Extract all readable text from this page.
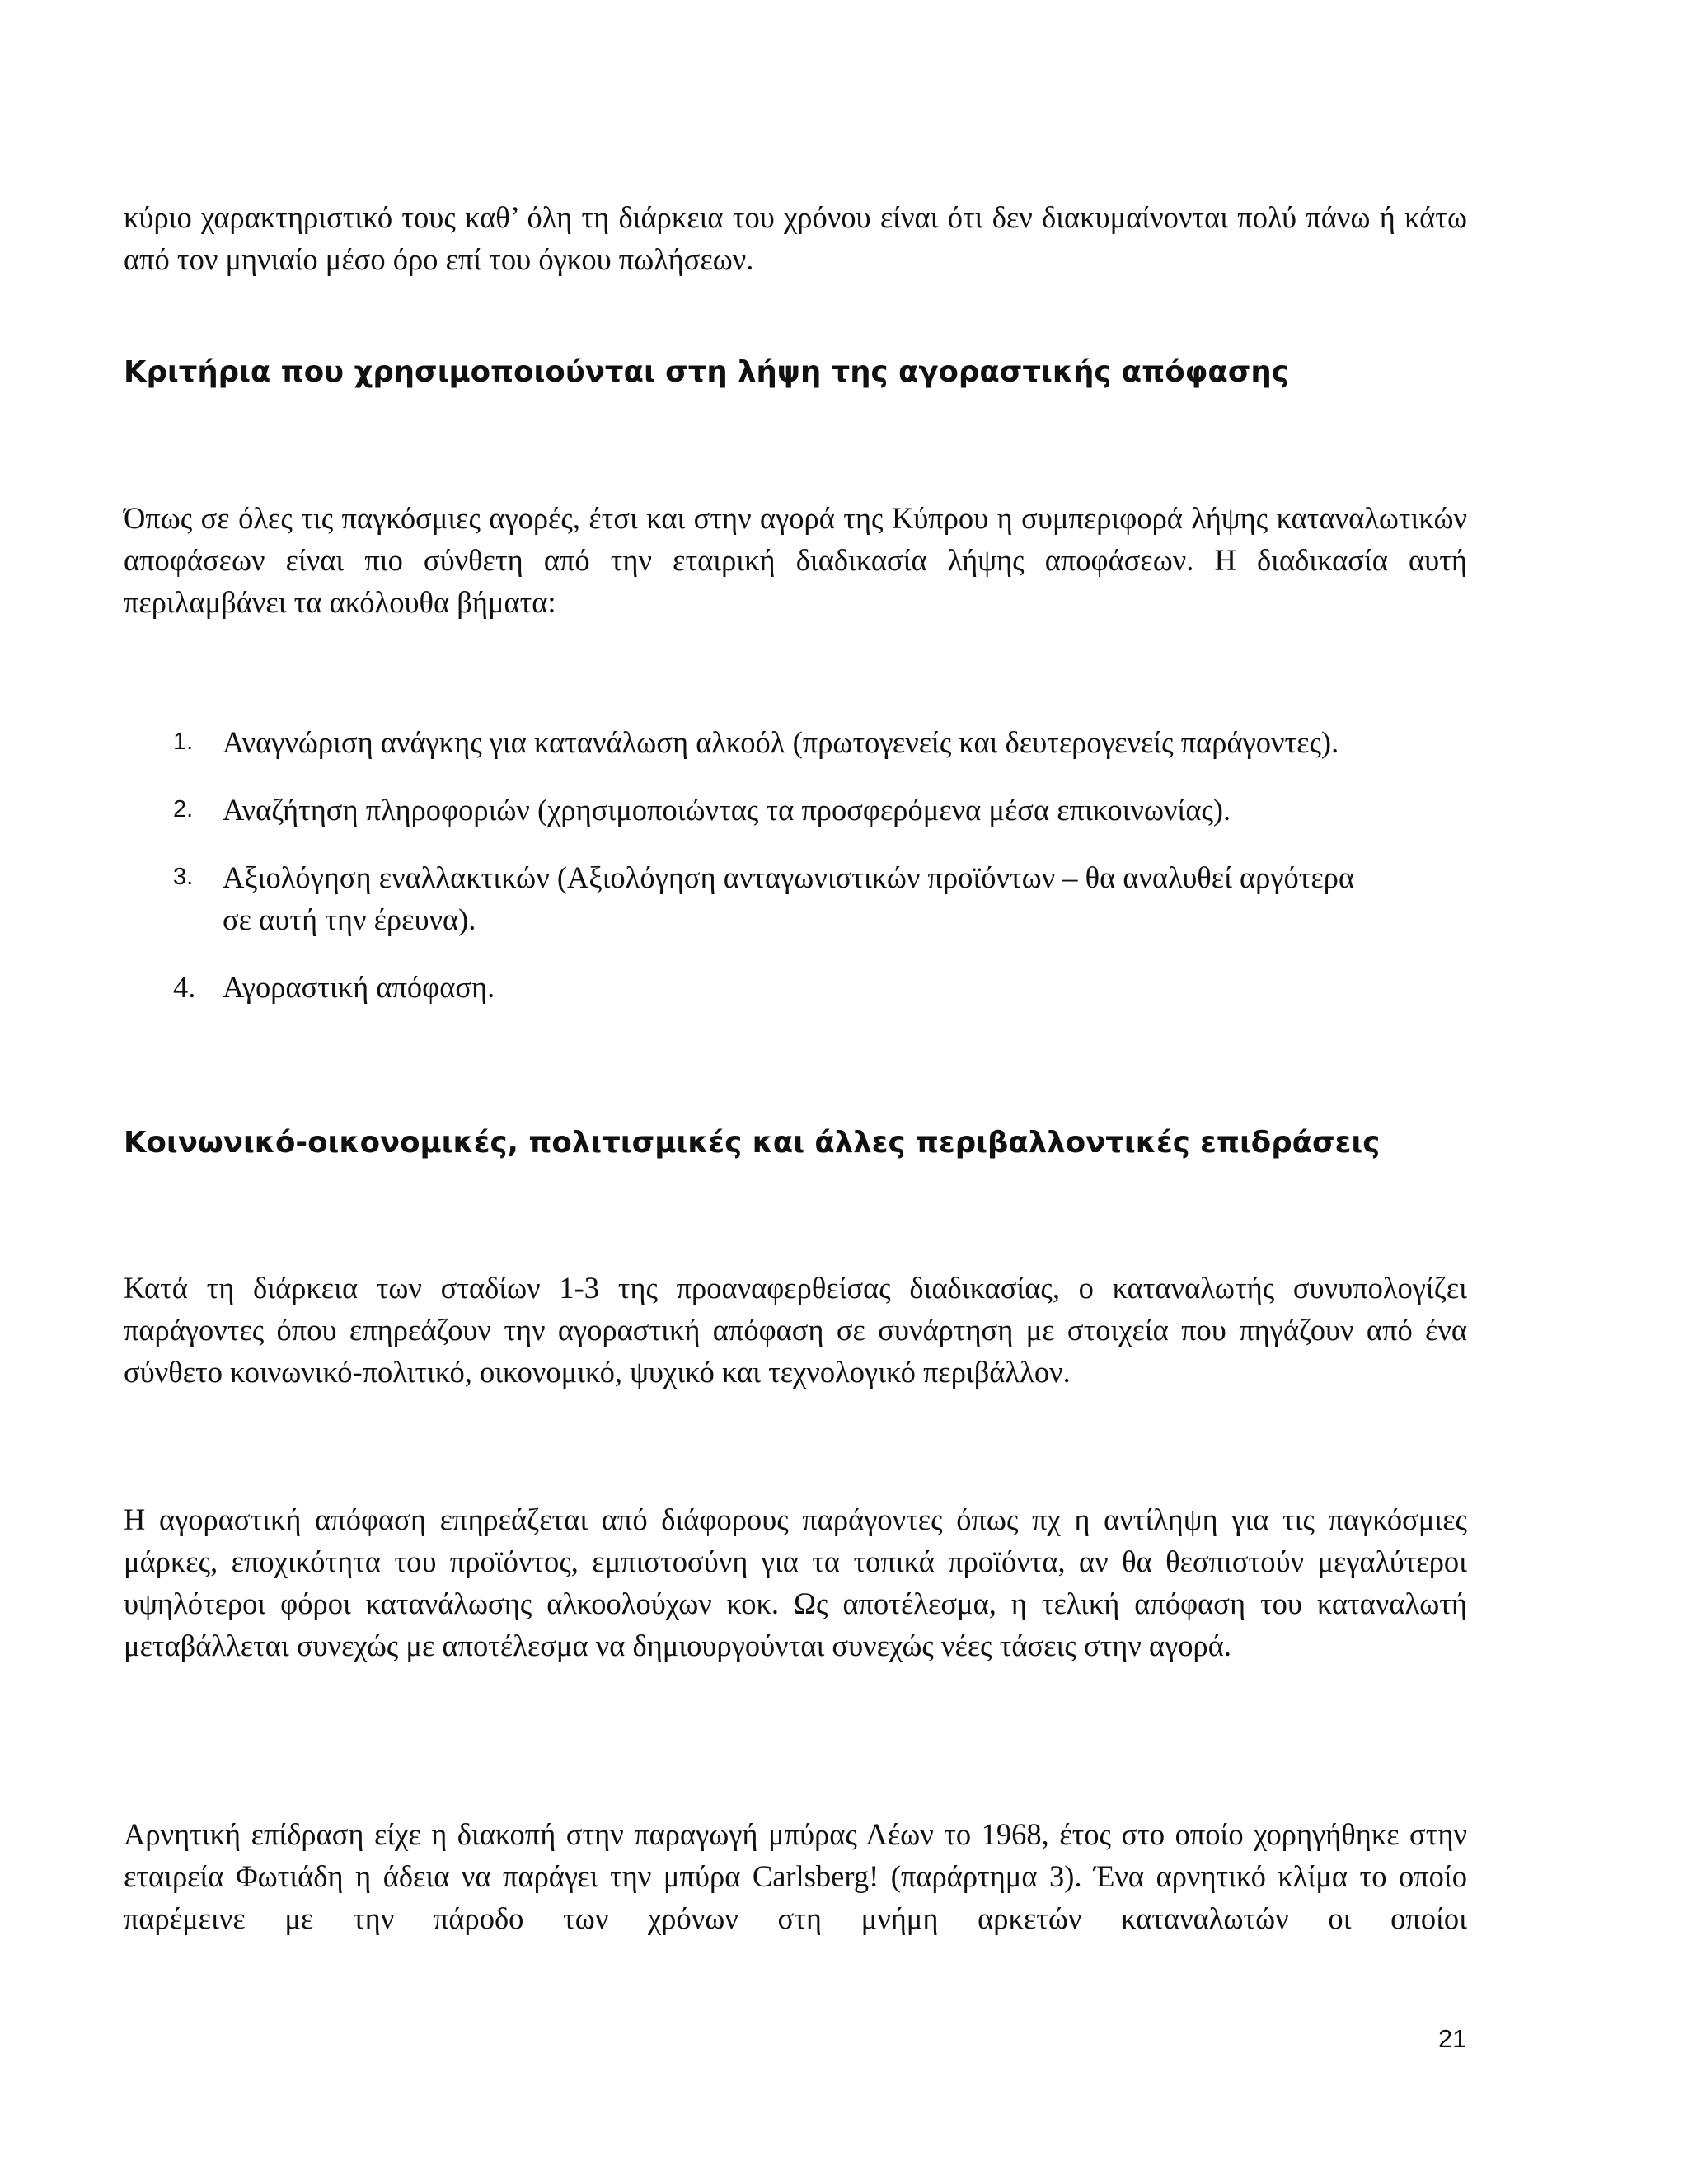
κύριο χαρακτηριστικό τους καθ’ όλη τη διάρκεια του χρόνου είναι ότι δεν διακυμαίνονται πολύ πάνω ή κάτω από τον μηνιαίο μέσο όρο επί του όγκου πωλήσεων.

Κριτήρια που χρησιμοποιούνται στη λήψη της αγοραστικής απόφασης

Όπως σε όλες τις παγκόσμιες αγορές, έτσι και στην αγορά της Κύπρου η συμπεριφορά λήψης καταναλωτικών αποφάσεων είναι πιο σύνθετη από την εταιρική διαδικασία λήψης αποφάσεων. Η διαδικασία αυτή περιλαμβάνει τα ακόλουθα βήματα:

1. Αναγνώριση ανάγκης για κατανάλωση αλκοόλ (πρωτογενείς και δευτερογενείς παράγοντες).
2. Αναζήτηση πληροφοριών (χρησιμοποιώντας τα προσφερόμενα μέσα επικοινωνίας).
3. Αξιολόγηση εναλλακτικών (Αξιολόγηση ανταγωνιστικών προϊόντων – θα αναλυθεί αργότερα σε αυτή την έρευνα).
4. Αγοραστική απόφαση.
Κοινωνικό-οικονομικές, πολιτισμικές και άλλες περιβαλλοντικές επιδράσεις

Κατά τη διάρκεια των σταδίων 1-3 της προαναφερθείσας διαδικασίας, ο καταναλωτής συνυπολογίζει παράγοντες όπου επηρεάζουν την αγοραστική απόφαση σε συνάρτηση με στοιχεία που πηγάζουν από ένα σύνθετο κοινωνικό-πολιτικό, οικονομικό, ψυχικό και τεχνολογικό περιβάλλον.

Η αγοραστική απόφαση επηρεάζεται από διάφορους παράγοντες όπως πχ η αντίληψη για τις παγκόσμιες μάρκες, εποχικότητα του προϊόντος, εμπιστοσύνη για τα τοπικά προϊόντα, αν θα θεσπιστούν μεγαλύτεροι υψηλότεροι φόροι κατανάλωσης αλκοολούχων κοκ. Ως αποτέλεσμα, η τελική απόφαση του καταναλωτή μεταβάλλεται συνεχώς με αποτέλεσμα να δημιουργούνται συνεχώς νέες τάσεις στην αγορά.

Αρνητική επίδραση είχε η διακοπή στην παραγωγή μπύρας Λέων το 1968, έτος στο οποίο χορηγήθηκε στην εταιρεία Φωτιάδη η άδεια να παράγει την μπύρα Carlsberg! (παράρτημα 3). Ένα αρνητικό κλίμα το οποίο παρέμεινε με την πάροδο των χρόνων στη μνήμη αρκετών καταναλωτών οι οποίοι

21
